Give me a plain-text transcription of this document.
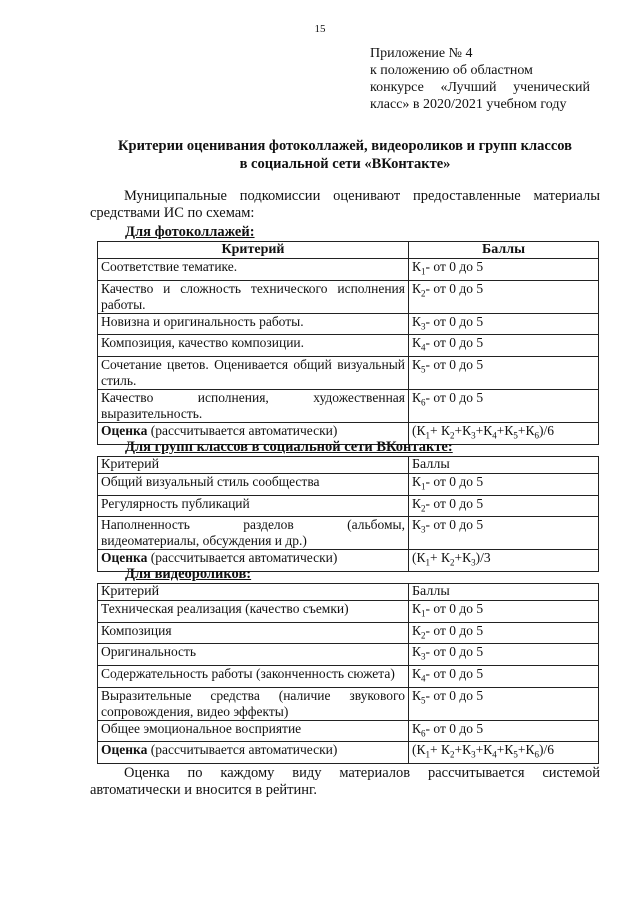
15
Приложение № 4
к положению об областном
конкурсе «Лучший ученический
класс» в 2020/2021 учебном году
Критерии оценивания фотоколлажей, видеороликов и групп классов
в социальной сети «ВКонтакте»
Муниципальные подкомиссии оценивают предоставленные материалы
средствами ИС по схемам:
Для фотоколлажей:
Критерий	Баллы

Соответствие тематике.	$К_1-$ от 0 до 5

Качество и сложность технического исполнения работы.	$К_2-$ от 0 до 5

Новизна и оригинальность работы.	$К_3-$ от 0 до 5

Композиция, качество композиции.	$К_4-$ от 0 до 5

Сочетание цветов. Оценивается общий визуальный стиль.	$К_5-$ от 0 до 5

Качество исполнения, художественная выразительность.	$К_6-$ от 0 до 5
Оценка (рассчитывается автоматически)	$(К_1+ К_2+К_3+К_4+К_5+К_6)/6$
Для групп классов в социальной сети ВКонтакте:
Критерий	Баллы

Общий визуальный стиль сообщества	$К_1-$ от 0 до 5

Регулярность публикаций	$К_2-$ от 0 до 5

Наполненность разделов (альбомы, видеоматериалы, обсуждения и др.)	$К_3-$ от 0 до 5
Оценка (рассчитывается автоматически)	$(К_1+ К_2+К_3)/3$
Для видеороликов:
Критерий	Баллы

Техническая реализация (качество съемки)	$К_1-$ от 0 до 5

Композиция	$К_2-$ от 0 до 5

Оригинальность	$К_3-$ от 0 до 5

Содержательность работы (законченность сюжета)	$К_4-$ от 0 до 5

Выразительные средства (наличие звукового сопровождения, видео эффекты)	$К_5-$ от 0 до 5

Общее эмоциональное восприятие	$К_6-$ от 0 до 5
Оценка (рассчитывается автоматически)	$(К_1+ К_2+К_3+К_4+К_5+К_6)/6$
Оценка по каждому виду материалов рассчитывается системой
автоматически и вносится в рейтинг.
